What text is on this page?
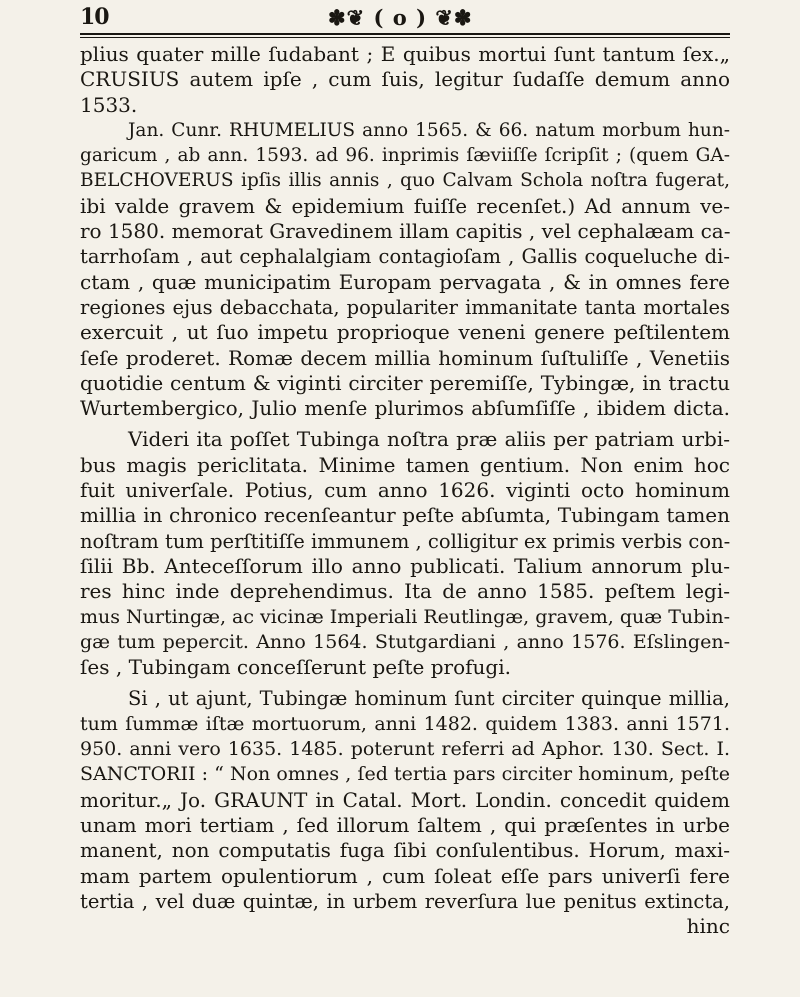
10	✽❦ ( o ) ❦✽
plius quater mille ſudabant ; E quibus mortui ſunt tantum ſex.„
CRUSIUS autem ipſe , cum ſuis, legitur ſudaſſe demum anno
1533.
Jan. Cunr. RHUMELIUS anno 1565. & 66. natum morbum hun-
garicum , ab ann. 1593. ad 96. inprimis ſæviiſſe ſcripſit ; (quem GA-
BELCHOVERUS ipſis illis annis , quo Calvam Schola noſtra fugerat,
ibi valde gravem & epidemium fuiſſe recenſet.) Ad annum ve-
ro 1580. memorat Gravedinem illam capitis , vel cephalæam ca-
tarrhoſam , aut cephalalgiam contagioſam , Gallis coqueluche di-
ctam , quæ municipatim Europam pervagata , & in omnes fere
regiones ejus debacchata, populariter immanitate tanta mortales
exercuit , ut ſuo impetu proprioque veneni genere peſtilentem
ſeſe proderet. Romæ decem millia hominum ſuſtuliſſe , Venetiis
quotidie centum & viginti circiter peremiſſe, Tybingæ, in tractu
Wurtembergico, Julio menſe plurimos abſumſiſſe , ibidem dicta.
Videri ita poſſet Tubinga noſtra præ aliis per patriam urbi-
bus magis periclitata. Minime tamen gentium. Non enim hoc
fuit univerſale. Potius, cum anno 1626. viginti octo hominum
millia in chronico recenſeantur peſte abſumta, Tubingam tamen
noſtram tum perſtitiſſe immunem , colligitur ex primis verbis con-
ſilii Bb. Anteceſſorum illo anno publicati. Talium annorum plu-
res hinc inde deprehendimus. Ita de anno 1585. peſtem legi-
mus Nurtingæ, ac vicinæ Imperiali Reutlingæ, gravem, quæ Tubin-
gæ tum pepercit. Anno 1564. Stutgardiani , anno 1576. Eſslingen-
ſes , Tubingam conceſſerunt peſte profugi.
Si , ut ajunt, Tubingæ hominum ſunt circiter quinque millia,
tum ſummæ iſtæ mortuorum, anni 1482. quidem 1383. anni 1571.
950. anni vero 1635. 1485. poterunt referri ad Aphor. 130. Sect. I.
SANCTORII : “ Non omnes , ſed tertia pars circiter hominum, peſte
moritur.„ Jo. GRAUNT in Catal. Mort. Londin. concedit quidem
unam mori tertiam , ſed illorum ſaltem , qui præſentes in urbe
manent, non computatis fuga ſibi conſulentibus. Horum, maxi-
mam partem opulentiorum , cum ſoleat eſſe pars univerſi fere
tertia , vel duæ quintæ, in urbem reverſura lue penitus extincta,
hinc
